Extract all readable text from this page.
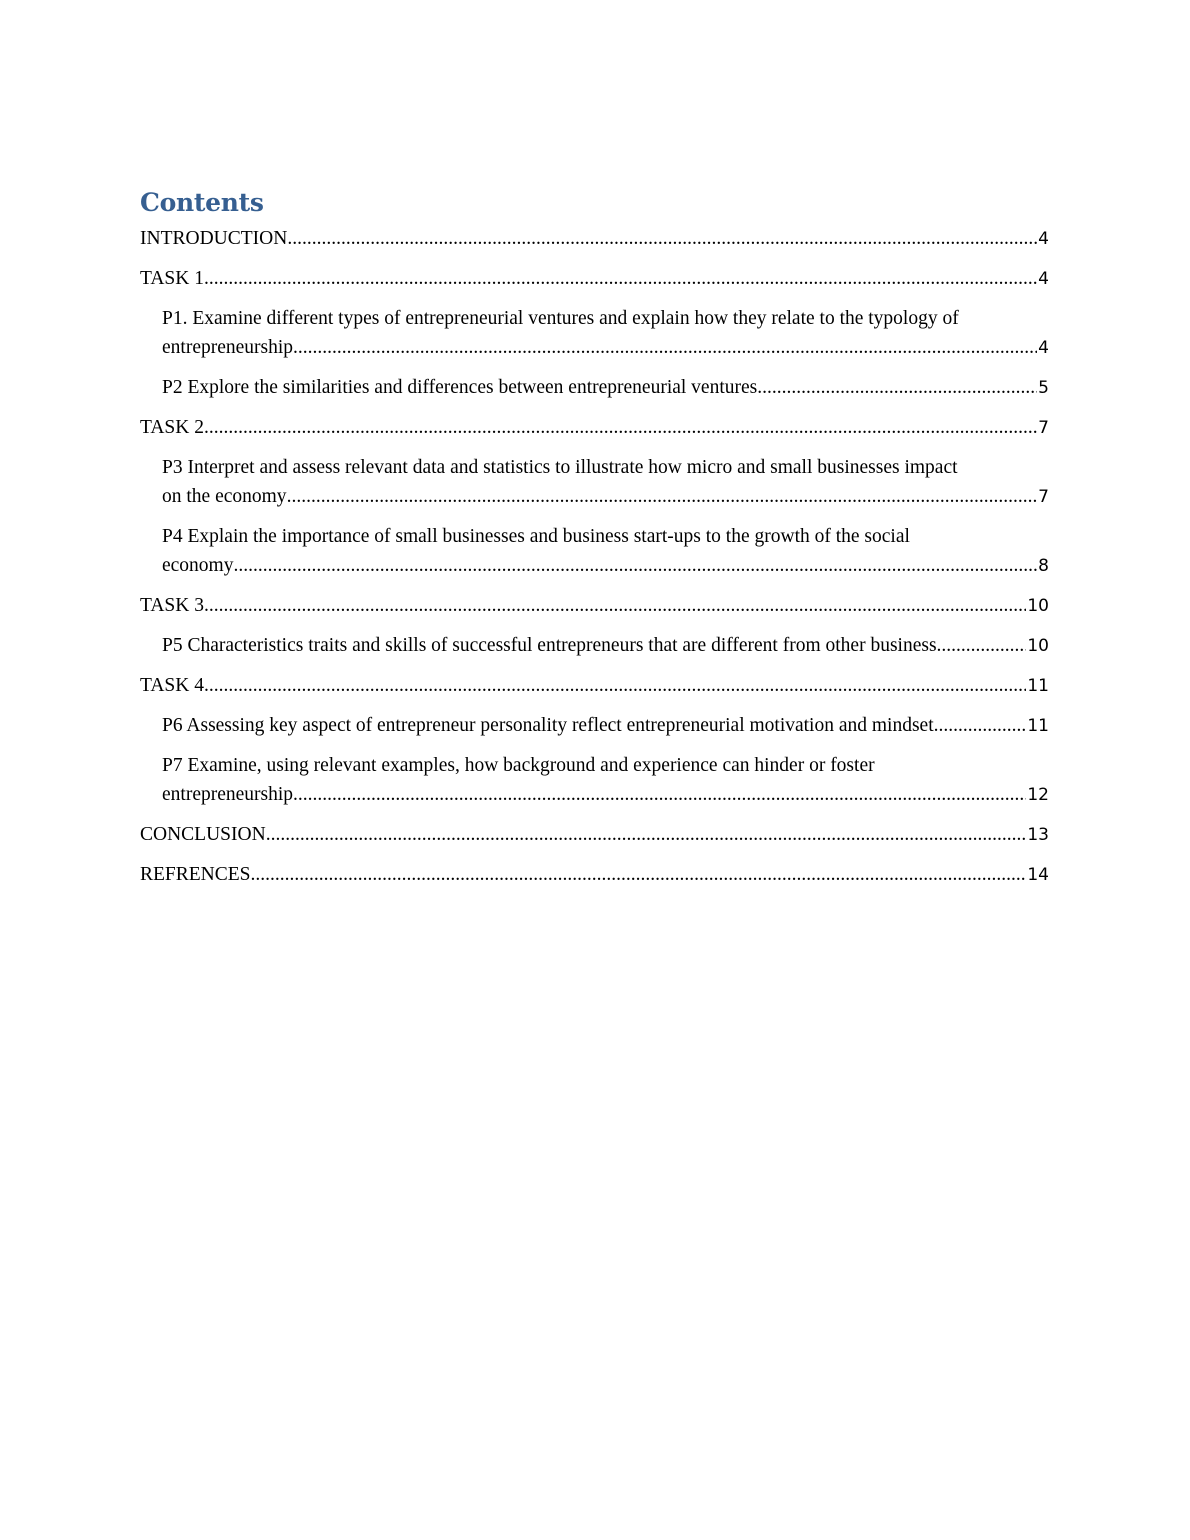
Contents
INTRODUCTION .....	4
TASK 1 .....	4
P1. Examine different types of entrepreneurial ventures and explain how they relate to the typology of
entrepreneurship .....	4
P2 Explore the similarities and differences between entrepreneurial ventures .....	5
TASK 2 .....	7
P3 Interpret and assess relevant data and statistics to illustrate how micro and small businesses impact
on the economy .....	7
P4 Explain the importance of small businesses and business start-ups to the growth of the social
economy .....	8
TASK 3 .....	10
P5 Characteristics traits and skills of successful entrepreneurs that are different from other business .....	10
TASK 4 .....	11
P6 Assessing key aspect of entrepreneur personality reflect entrepreneurial motivation and mindset .....	11
P7 Examine, using relevant examples, how background and experience can hinder or foster
entrepreneurship .....	12
CONCLUSION .....	13
REFRENCES .....	14
